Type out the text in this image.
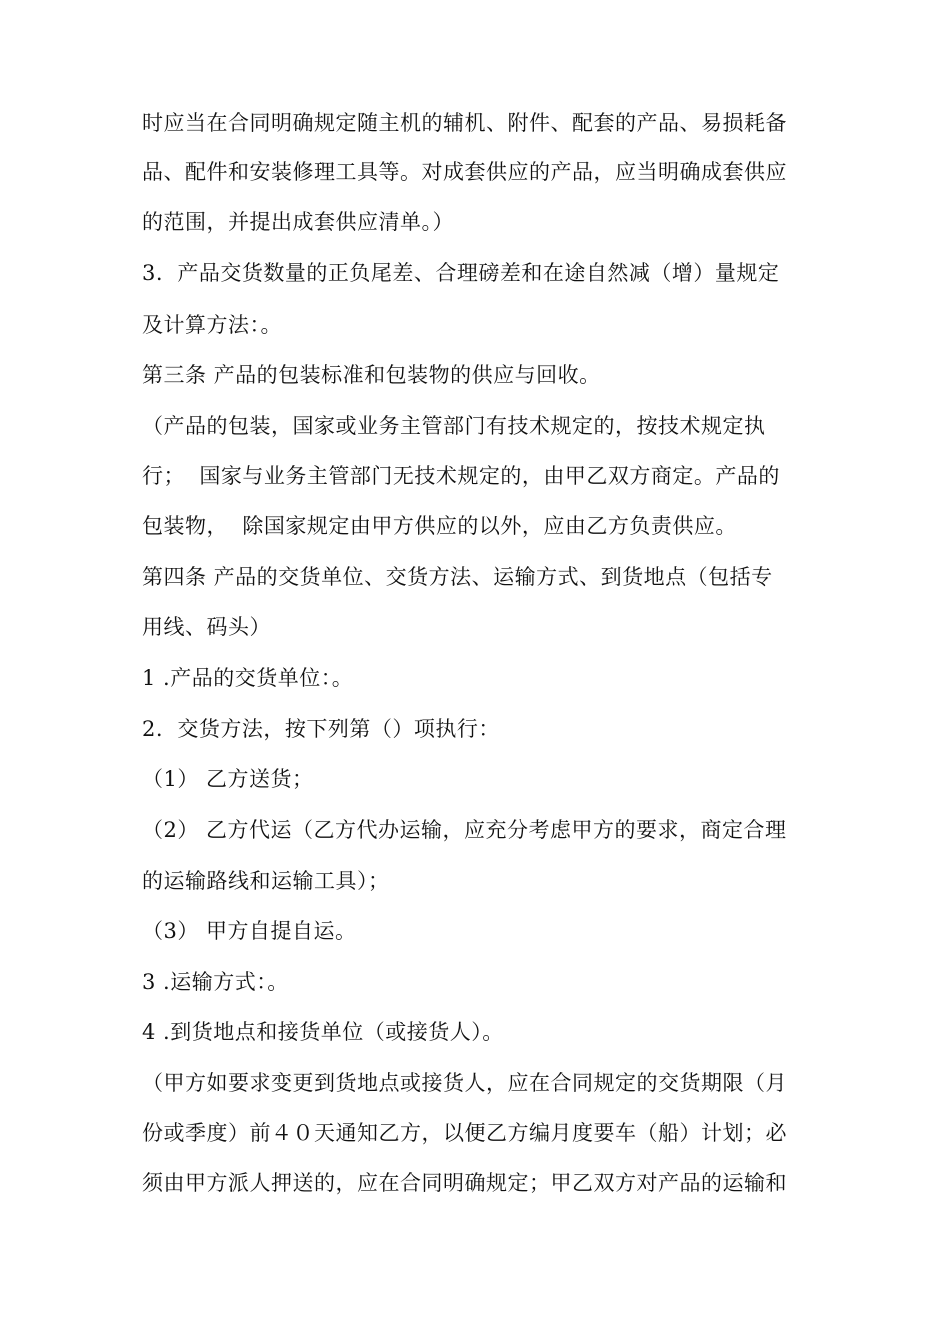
时应当在合同明确规定随主机的辅机、附件、配套的产品、易损耗备
品、配件和安装修理工具等。对成套供应的产品，应当明确成套供应
的范围，并提出成套供应清单。）
3.  产品交货数量的正负尾差、合理磅差和在途自然减（增）量规定
及计算方法：。
第三条 产品的包装标准和包装物的供应与回收。
（产品的包装，国家或业务主管部门有技术规定的，按技术规定执
行；  国家与业务主管部门无技术规定的，由甲乙双方商定。产品的
包装物，  除国家规定由甲方供应的以外，应由乙方负责供应。
第四条 产品的交货单位、交货方法、运输方式、到货地点（包括专
用线、码头）
1 .产品的交货单位：。
2.  交货方法，按下列第（）项执行：
（1） 乙方送货；
（2） 乙方代运（乙方代办运输，应充分考虑甲方的要求，商定合理
的运输路线和运输工具）；
（3） 甲方自提自运。
3 .运输方式：。
4 .到货地点和接货单位（或接货人）。
（甲方如要求变更到货地点或接货人，应在合同规定的交货期限（月
份或季度）前４０天通知乙方，以便乙方编月度要车（船）计划；必
须由甲方派人押送的，应在合同明确规定；甲乙双方对产品的运输和
